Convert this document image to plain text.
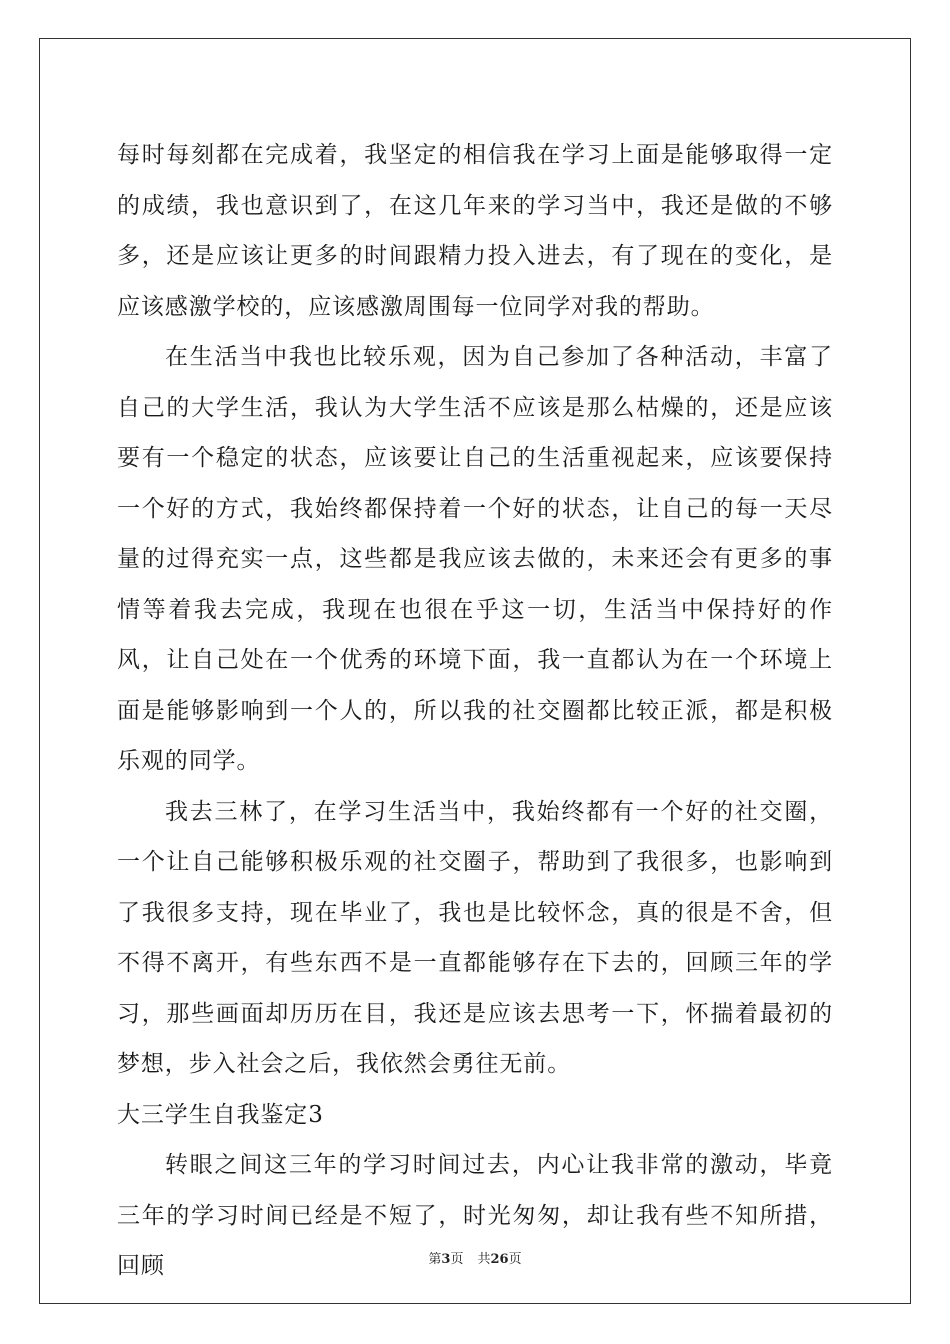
每时每刻都在完成着，我坚定的相信我在学习上面是能够取得一定的成绩，我也意识到了，在这几年来的学习当中，我还是做的不够多，还是应该让更多的时间跟精力投入进去，有了现在的变化，是应该感激学校的，应该感激周围每一位同学对我的帮助。

在生活当中我也比较乐观，因为自己参加了各种活动，丰富了自己的大学生活，我认为大学生活不应该是那么枯燥的，还是应该要有一个稳定的状态，应该要让自己的生活重视起来，应该要保持一个好的方式，我始终都保持着一个好的状态，让自己的每一天尽量的过得充实一点，这些都是我应该去做的，未来还会有更多的事情等着我去完成，我现在也很在乎这一切，生活当中保持好的作风，让自己处在一个优秀的环境下面，我一直都认为在一个环境上面是能够影响到一个人的，所以我的社交圈都比较正派，都是积极乐观的同学。

我去三林了，在学习生活当中，我始终都有一个好的社交圈，一个让自己能够积极乐观的社交圈子，帮助到了我很多，也影响到了我很多支持，现在毕业了，我也是比较怀念，真的很是不舍，但不得不离开，有些东西不是一直都能够存在下去的，回顾三年的学习，那些画面却历历在目，我还是应该去思考一下，怀揣着最初的梦想，步入社会之后，我依然会勇往无前。

大三学生自我鉴定3

转眼之间这三年的学习时间过去，内心让我非常的激动，毕竟三年的学习时间已经是不短了，时光匆匆，却让我有些不知所措，回顾	第3页 共26页
